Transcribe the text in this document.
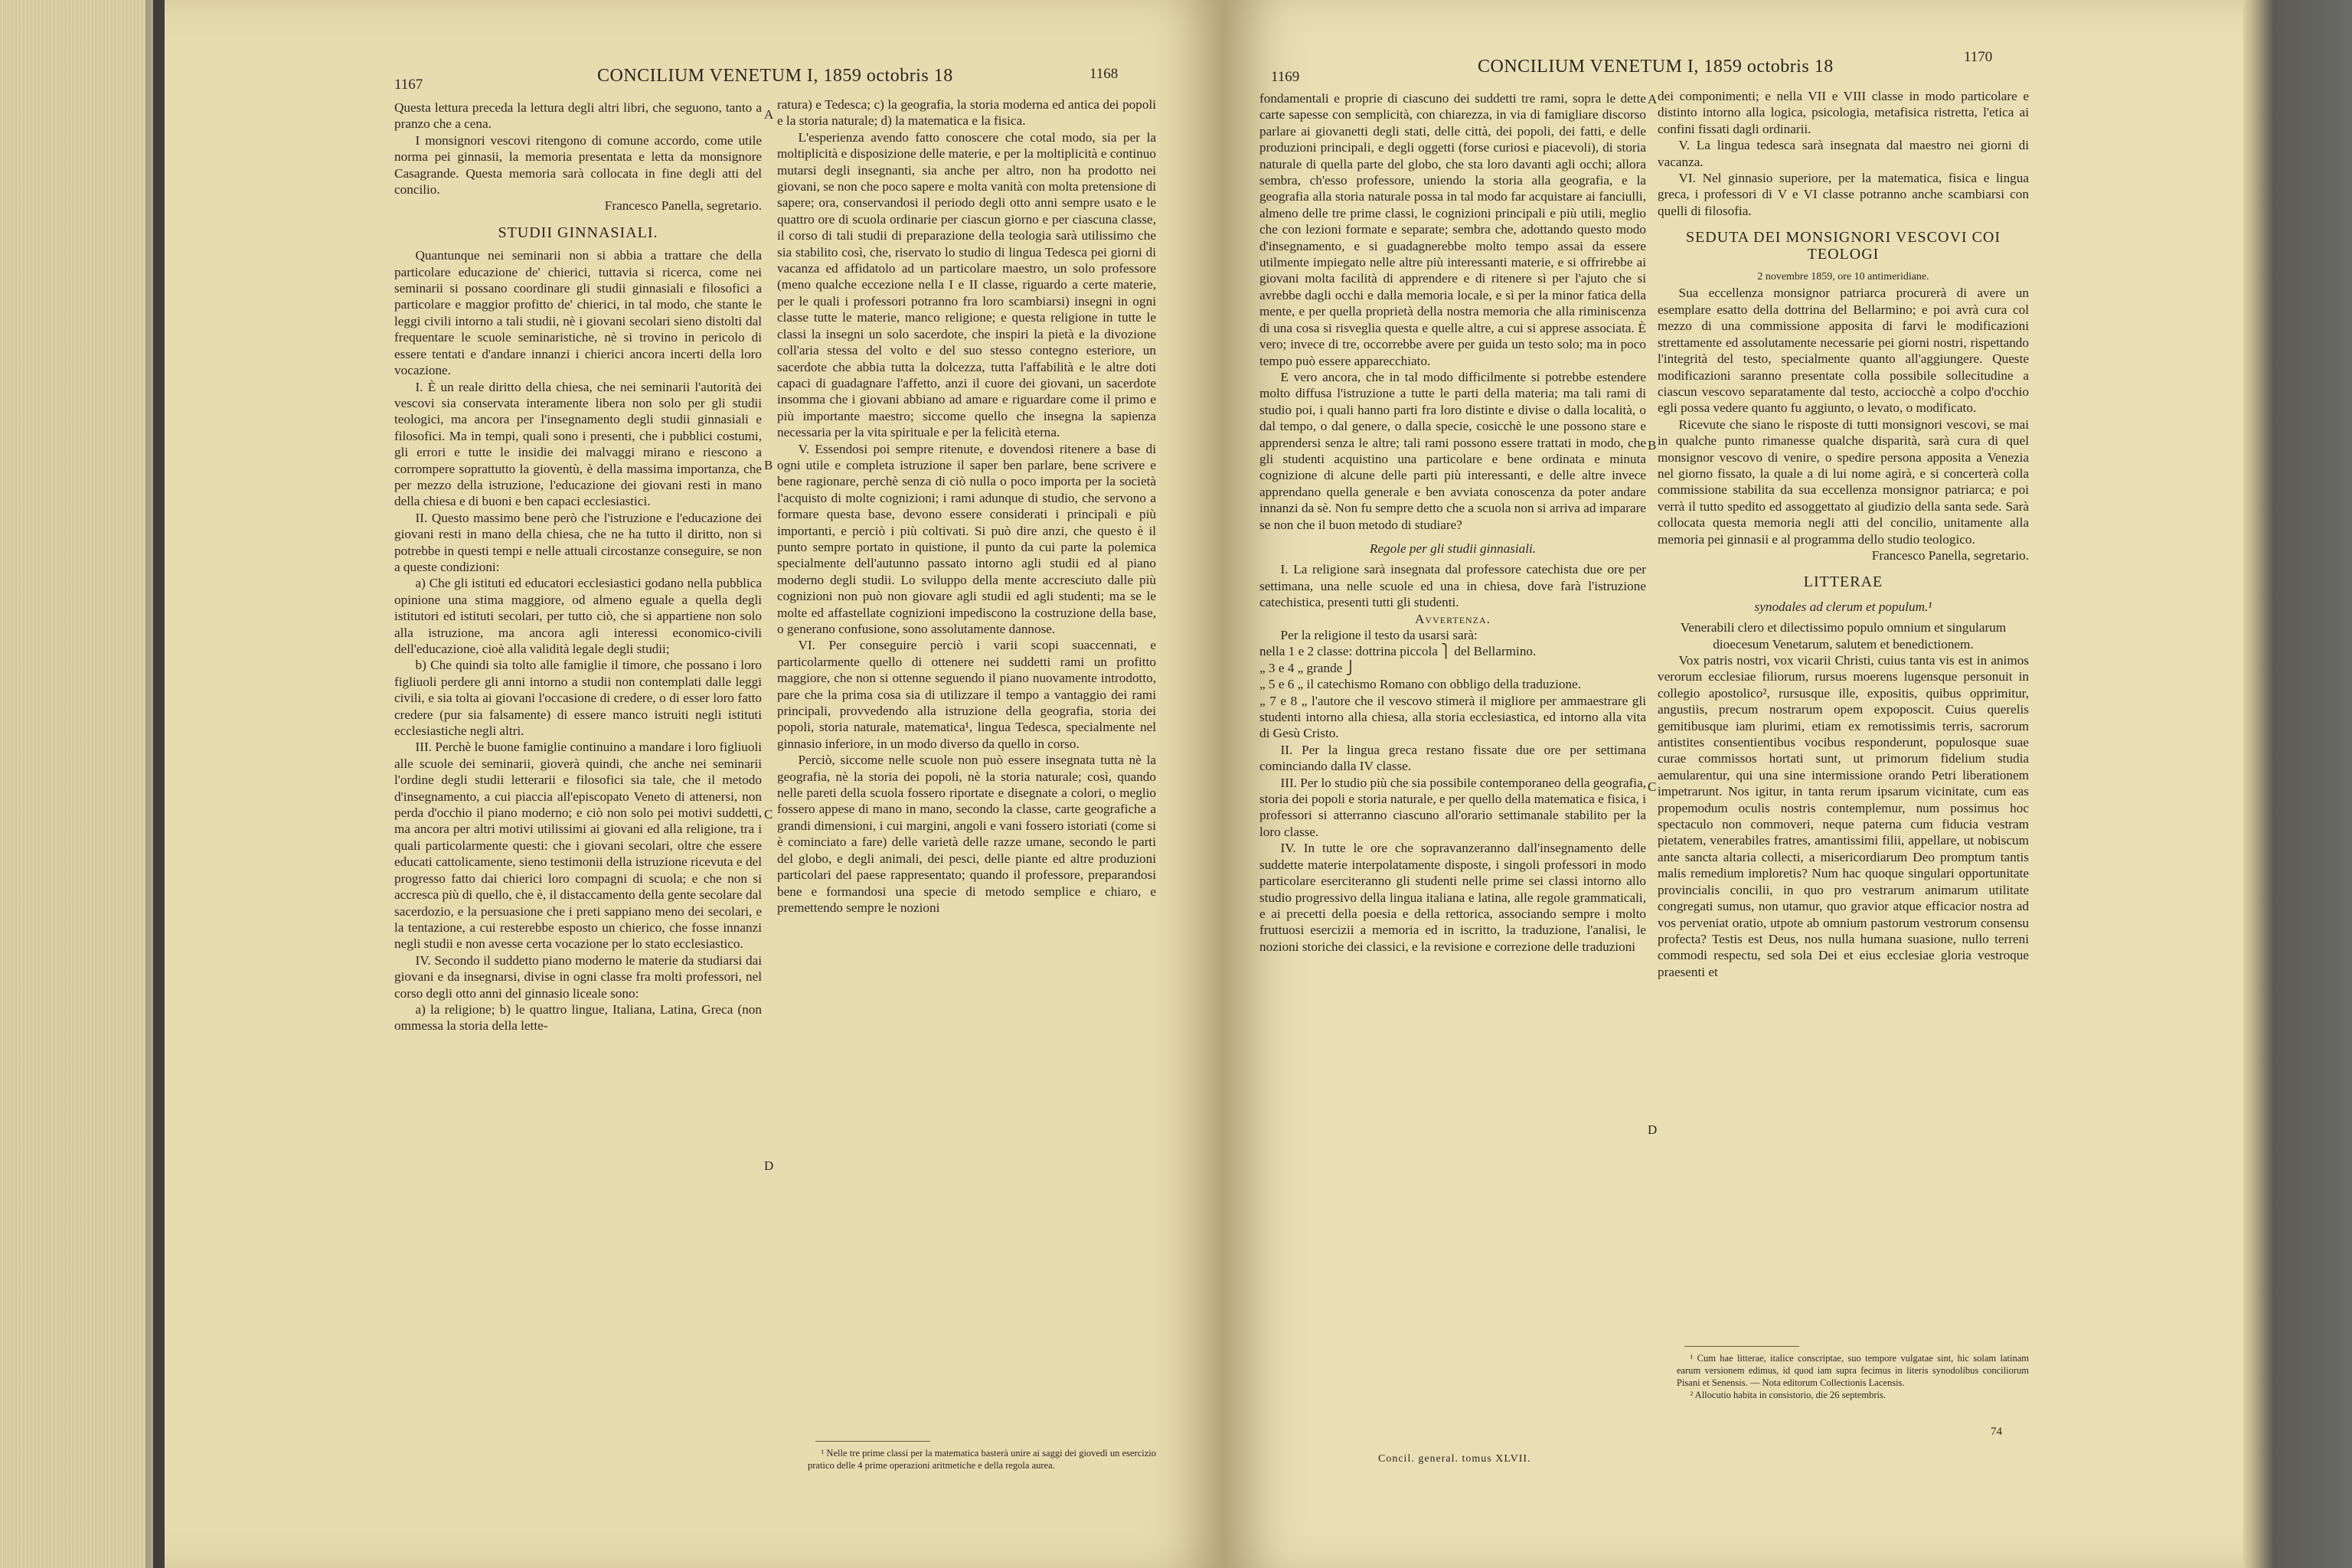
1167	CONCILIUM VENETUM I, 1859 octobris 18	1168

Questa lettura preceda la lettura degli altri libri, che seguono, tanto a pranzo che a cena.

I monsignori vescovi ritengono di comune accordo, come utile norma pei ginnasii, la memoria presentata e letta da monsignore Casagrande. Questa memoria sarà collocata in fine degli atti del concilio.

Francesco Panella, segretario.

STUDII GINNASIALI.

Quantunque nei seminarii non si abbia a trattare che della particolare educazione de' chierici, tuttavia si ricerca, come nei seminarii si possano coordinare gli studii ginnasiali e filosofici a particolare e maggior profitto de' chierici, in tal modo, che stante le leggi civili intorno a tali studii, nè i giovani secolari sieno distolti dal frequentare le scuole seminaristiche, nè si trovino in pericolo di essere tentati e d'andare innanzi i chierici ancora incerti della loro vocazione.

I. È un reale diritto della chiesa, che nei seminarii l'autorità dei vescovi sia conservata interamente libera non solo per gli studii teologici, ma ancora per l'insegnamento degli studii ginnasiali e filosofici. Ma in tempi, quali sono i presenti, che i pubblici costumi, gli errori e tutte le insidie dei malvaggi mirano e riescono a corrompere soprattutto la gioventù, è della massima importanza, che per mezzo della istruzione, l'educazione dei giovani resti in mano della chiesa e di buoni e ben capaci ecclesiastici.

II. Questo massimo bene però che l'istruzione e l'educazione dei giovani resti in mano della chiesa, che ne ha tutto il diritto, non si potrebbe in questi tempi e nelle attuali circostanze conseguire, se non a queste condizioni:

a) Che gli istituti ed educatori ecclesiastici godano nella pubblica opinione una stima maggiore, od almeno eguale a quella degli istitutori ed istituti secolari, per tutto ciò, che si appartiene non solo alla istruzione, ma ancora agli interessi economico-civili dell'educazione, cioè alla validità legale degli studii;

b) Che quindi sia tolto alle famiglie il timore, che possano i loro figliuoli perdere gli anni intorno a studii non contemplati dalle leggi civili, e sia tolta ai giovani l'occasione di credere, o di esser loro fatto credere (pur sia falsamente) di essere manco istruiti negli istituti ecclesiastiche negli altri.

III. Perchè le buone famiglie continuino a mandare i loro figliuoli alle scuole dei seminarii, gioverà quindi, che anche nei seminarii l'ordine degli studii letterarii e filosofici sia tale, che il metodo d'insegnamento, a cui piaccia all'episcopato Veneto di attenersi, non perda d'occhio il piano moderno; e ciò non solo pei motivi suddetti, ma ancora per altri motivi utilissimi ai giovani ed alla religione, tra i quali particolarmente questi: che i giovani secolari, oltre che essere educati cattolicamente, sieno testimonii della istruzione ricevuta e del progresso fatto dai chierici loro compagni di scuola; e che non si accresca più di quello, che è, il distaccamento della gente secolare dal sacerdozio, e la persuasione che i preti sappiano meno dei secolari, e la tentazione, a cui resterebbe esposto un chierico, che fosse innanzi negli studii e non avesse certa vocazione per lo stato ecclesiastico.

IV. Secondo il suddetto piano moderno le materie da studiarsi dai giovani e da insegnarsi, divise in ogni classe fra molti professori, nel corso degli otto anni del ginnasio liceale sono:

a) la religione; b) le quattro lingue, Italiana, Latina, Greca (non ommessa la storia della lette-

ratura) e Tedesca; c) la geografia, la storia moderna ed antica dei popoli e la storia naturale; d) la matematica e la fisica.

L'esperienza avendo fatto conoscere che cotal modo, sia per la moltiplicità e disposizione delle materie, e per la moltiplicità e continuo mutarsi degli insegnanti, sia anche per altro, non ha prodotto nei giovani, se non che poco sapere e molta vanità con molta pretensione di sapere; ora, conservandosi il periodo degli otto anni sempre usato e le quattro ore di scuola ordinarie per ciascun giorno e per ciascuna classe, il corso di tali studii di preparazione della teologia sarà utilissimo che sia stabilito così, che, riservato lo studio di lingua Tedesca pei giorni di vacanza ed affidatolo ad un particolare maestro, un solo professore (meno qualche eccezione nella I e II classe, riguardo a certe materie, per le quali i professori potranno fra loro scambiarsi) insegni in ogni classe tutte le materie, manco religione; e questa religione in tutte le classi la insegni un solo sacerdote, che inspiri la pietà e la divozione coll'aria stessa del volto e del suo stesso contegno esteriore, un sacerdote che abbia tutta la dolcezza, tutta l'affabilità e le altre doti capaci di guadagnare l'affetto, anzi il cuore dei giovani, un sacerdote insomma che i giovani abbiano ad amare e riguardare come il primo e più importante maestro; siccome quello che insegna la sapienza necessaria per la vita spirituale e per la felicità eterna.

V. Essendosi poi sempre ritenute, e dovendosi ritenere a base di ogni utile e completa istruzione il saper ben parlare, bene scrivere e bene ragionare, perchè senza di ciò nulla o poco importa per la società l'acquisto di molte cognizioni; i rami adunque di studio, che servono a formare questa base, devono essere considerati i principali e più importanti, e perciò i più coltivati. Si può dire anzi, che questo è il punto sempre portato in quistione, il punto da cui parte la polemica specialmente dell'autunno passato intorno agli studii ed al piano moderno degli studii. Lo sviluppo della mente accresciuto dalle più cognizioni non può non giovare agli studii ed agli studenti; ma se le molte ed affastellate cognizioni impediscono la costruzione della base, o generano confusione, sono assolutamente dannose.

VI. Per conseguire perciò i varii scopi suaccennati, e particolarmente quello di ottenere nei suddetti rami un profitto maggiore, che non si ottenne seguendo il piano nuovamente introdotto, pare che la prima cosa sia di utilizzare il tempo a vantaggio dei rami principali, provvedendo alla istruzione della geografia, storia dei popoli, storia naturale, matematica¹, lingua Tedesca, specialmente nel ginnasio inferiore, in un modo diverso da quello in corso.

Perciò, siccome nelle scuole non può essere insegnata tutta nè la geografia, nè la storia dei popoli, nè la storia naturale; così, quando nelle pareti della scuola fossero riportate e disegnate a colori, o meglio fossero appese di mano in mano, secondo la classe, carte geografiche a grandi dimensioni, i cui margini, angoli e vani fossero istoriati (come si è cominciato a fare) delle varietà delle razze umane, secondo le parti del globo, e degli animali, dei pesci, delle piante ed altre produzioni particolari del paese rappresentato; quando il professore, preparandosi bene e formandosi una specie di metodo semplice e chiaro, e premettendo sempre le nozioni

A
B
C
D

¹ Nelle tre prime classi per la matematica basterà unire ai saggi dei giovedì un esercizio pratico delle 4 prime operazioni aritmetiche e della regola aurea.

1169
CONCILIUM VENETUM I, 1859 octobris 18	1170

fondamentali e proprie di ciascuno dei suddetti tre rami, sopra le dette carte sapesse con semplicità, con chiarezza, in via di famigliare discorso parlare ai giovanetti degli stati, delle città, dei popoli, dei fatti, e delle produzioni principali, e degli oggetti (forse curiosi e piacevoli), di storia naturale di quella parte del globo, che sta loro davanti agli occhi; allora sembra, ch'esso professore, uniendo la storia alla geografia, e la geografia alla storia naturale possa in tal modo far acquistare ai fanciulli, almeno delle tre prime classi, le cognizioni principali e più utili, meglio che con lezioni formate e separate; sembra che, adottando questo modo d'insegnamento, e si guadagnerebbe molto tempo assai da essere utilmente impiegato nelle altre più interessanti materie, e si offrirebbe ai giovani molta facilità di apprendere e di ritenere sì per l'ajuto che si avrebbe dagli occhi e dalla memoria locale, e sì per la minor fatica della mente, e per quella proprietà della nostra memoria che alla riminiscenza di una cosa si risveglia questa e quelle altre, a cui si apprese associata. È vero; invece di tre, occorrebbe avere per guida un testo solo; ma in poco tempo può essere apparecchiato.

E vero ancora, che in tal modo difficilmente si potrebbe estendere molto diffusa l'istruzione a tutte le parti della materia; ma tali rami di studio poi, i quali hanno parti fra loro distinte e divise o dalla località, o dal tempo, o dal genere, o dalla specie, cosicchè le une possono stare e apprendersi senza le altre; tali rami possono essere trattati in modo, che gli studenti acquistino una particolare e bene ordinata e minuta cognizione di alcune delle parti più interessanti, e delle altre invece apprendano quella generale e ben avviata conoscenza da poter andare innanzi da sè. Non fu sempre detto che a scuola non si arriva ad imparare se non che il buon metodo di studiare?

Regole per gli studii ginnasiali.

I. La religione sarà insegnata dal professore catechista due ore per settimana, una nelle scuole ed una in chiesa, dove farà l'istruzione catechistica, presenti tutti gli studenti.

Avvertenza.

Per la religione il testo da usarsi sarà:

nella 1 e 2 classe: dottrina piccola ⎫ del Bellarmino.

„ 3 e 4 „ grande ⎭

„ 5 e 6 „ il catechismo Romano con obbligo della traduzione.

„ 7 e 8 „ l'autore che il vescovo stimerà il migliore per ammaestrare gli studenti intorno alla chiesa, alla storia ecclesiastica, ed intorno alla vita di Gesù Cristo.

II. Per la lingua greca restano fissate due ore per settimana cominciando dalla IV classe.

III. Per lo studio più che sia possibile contemporaneo della geografia, storia dei popoli e storia naturale, e per quello della matematica e fisica, i professori si atterranno ciascuno all'orario settimanale stabilito per la loro classe.

IV. In tutte le ore che sopravanzeranno dall'insegnamento delle suddette materie interpolatamente disposte, i singoli professori in modo particolare eserciteranno gli studenti nelle prime sei classi intorno allo studio progressivo della lingua italiana e latina, alle regole grammaticali, e ai precetti della poesia e della rettorica, associando sempre i molto fruttuosi esercizii a memoria ed in iscritto, la traduzione, l'analisi, le nozioni storiche dei classici, e la revisione e correzione delle traduzioni

dei componimenti; e nella VII e VIII classe in modo particolare e distinto intorno alla logica, psicologia, metafisica ristretta, l'etica ai confini fissati dagli ordinarii.

V. La lingua tedesca sarà insegnata dal maestro nei giorni di vacanza.

VI. Nel ginnasio superiore, per la matematica, fisica e lingua greca, i professori di V e VI classe potranno anche scambiarsi con quelli di filosofia.

SEDUTA DEI MONSIGNORI VESCOVI COI TEOLOGI

2 novembre 1859, ore 10 antimeridiane.

Sua eccellenza monsignor patriarca procurerà di avere un esemplare esatto della dottrina del Bellarmino; e poi avrà cura col mezzo di una commissione apposita di farvi le modificazioni strettamente ed assolutamente necessarie pei giorni nostri, rispettando l'integrità del testo, specialmente quanto all'aggiungere. Queste modificazioni saranno presentate colla possibile sollecitudine a ciascun vescovo separatamente dal testo, acciocchè a colpo d'occhio egli possa vedere quanto fu aggiunto, o levato, o modificato.

Ricevute che siano le risposte di tutti monsignori vescovi, se mai in qualche punto rimanesse qualche disparità, sarà cura di quel monsignor vescovo di venire, o spedire persona apposita a Venezia nel giorno fissato, la quale a di lui nome agirà, e si concerterà colla commissione stabilita da sua eccellenza monsignor patriarca; e poi verrà il tutto spedito ed assoggettato al giudizio della santa sede. Sarà collocata questa memoria negli atti del concilio, unitamente alla memoria pei ginnasii e al programma dello studio teologico.

Francesco Panella, segretario.

LITTERAE

synodales ad clerum et populum.¹

Venerabili clero et dilectissimo populo omnium et singularum dioecesum Venetarum, salutem et benedictionem.

Vox patris nostri, vox vicarii Christi, cuius tanta vis est in animos verorum ecclesiae filiorum, rursus moerens lugensque personuit in collegio apostolico², rursusque ille, expositis, quibus opprimitur, angustiis, precum nostrarum opem expoposcit. Cuius querelis gemitibusque iam plurimi, etiam ex remotissimis terris, sacrorum antistites consentientibus vocibus responderunt, populosque suae curae commissos hortati sunt, ut primorum fidelium studia aemularentur, qui una sine intermissione orando Petri liberationem impetrarunt. Nos igitur, in tanta rerum ipsarum vicinitate, cum eas propemodum oculis nostris contemplemur, num possimus hoc spectaculo non commoveri, neque paterna cum fiducia vestram pietatem, venerabiles fratres, amantissimi filii, appellare, ut nobiscum ante sancta altaria collecti, a misericordiarum Deo promptum tantis malis remedium imploretis? Num hac quoque singulari opportunitate provincialis concilii, in quo pro vestrarum animarum utilitate congregati sumus, non utamur, quo gravior atque efficacior nostra ad vos perveniat oratio, utpote ab omnium pastorum vestrorum consensu profecta? Testis est Deus, nos nulla humana suasione, nullo terreni commodi respectu, sed sola Dei et eius ecclesiae gloria vestroque praesenti et

A
B
C
D

¹ Cum hae litterae, italice conscriptae, suo tempore vulgatae sint, hic solam latinam earum versionem edimus, id quod iam supra fecimus in literis synodolibus conciliorum Pisani et Senensis. — Nota editorum Collectionis Lacensis.

² Allocutio habita in consistorio, die 26 septembris.

74
Concil. general. tomus XLVII.
